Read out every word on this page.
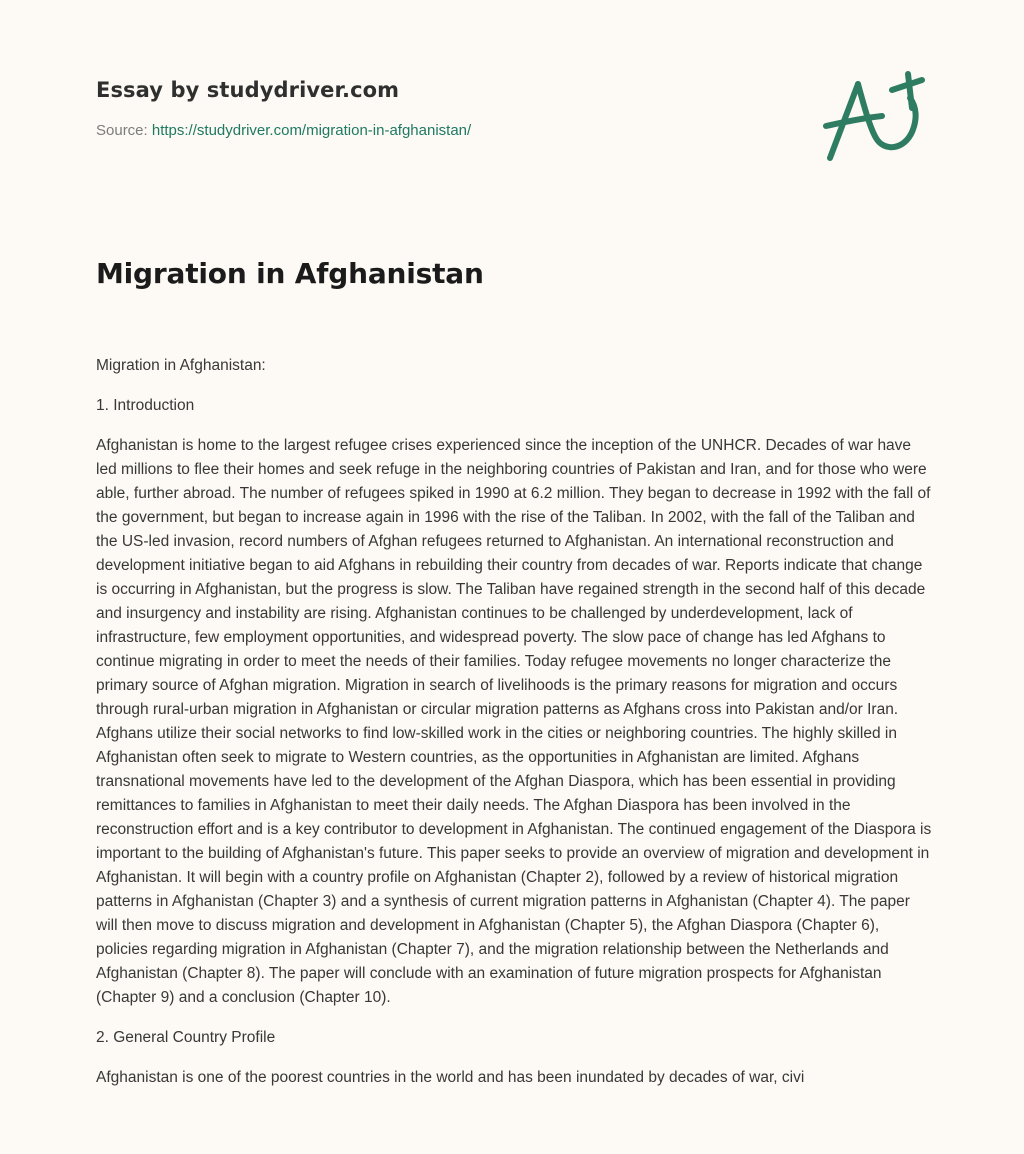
Essay by studydriver.com
Source: https://studydriver.com/migration-in-afghanistan/
Migration in Afghanistan

Migration in Afghanistan:

1. Introduction

Afghanistan is home to the largest refugee crises experienced since the inception of the UNHCR. Decades of war have led millions to flee their homes and seek refuge in the neighboring countries of Pakistan and Iran, and for those who were able, further abroad. The number of refugees spiked in 1990 at 6.2 million. They began to decrease in 1992 with the fall of the government, but began to increase again in 1996 with the rise of the Taliban. In 2002, with the fall of the Taliban and the US-led invasion, record numbers of Afghan refugees returned to Afghanistan. An international reconstruction and development initiative began to aid Afghans in rebuilding their country from decades of war. Reports indicate that change is occurring in Afghanistan, but the progress is slow. The Taliban have regained strength in the second half of this decade and insurgency and instability are rising. Afghanistan continues to be challenged by underdevelopment, lack of infrastructure, few employment opportunities, and widespread poverty. The slow pace of change has led Afghans to continue migrating in order to meet the needs of their families. Today refugee movements no longer characterize the primary source of Afghan migration. Migration in search of livelihoods is the primary reasons for migration and occurs through rural-urban migration in Afghanistan or circular migration patterns as Afghans cross into Pakistan and/or Iran. Afghans utilize their social networks to find low-skilled work in the cities or neighboring countries. The highly skilled in Afghanistan often seek to migrate to Western countries, as the opportunities in Afghanistan are limited. Afghans transnational movements have led to the development of the Afghan Diaspora, which has been essential in providing remittances to families in Afghanistan to meet their daily needs. The Afghan Diaspora has been involved in the reconstruction effort and is a key contributor to development in Afghanistan. The continued engagement of the Diaspora is important to the building of Afghanistan's future. This paper seeks to provide an overview of migration and development in Afghanistan. It will begin with a country profile on Afghanistan (Chapter 2), followed by a review of historical migration patterns in Afghanistan (Chapter 3) and a synthesis of current migration patterns in Afghanistan (Chapter 4). The paper will then move to discuss migration and development in Afghanistan (Chapter 5), the Afghan Diaspora (Chapter 6), policies regarding migration in Afghanistan (Chapter 7), and the migration relationship between the Netherlands and Afghanistan (Chapter 8). The paper will conclude with an examination of future migration prospects for Afghanistan (Chapter 9) and a conclusion (Chapter 10).

2. General Country Profile

Afghanistan is one of the poorest countries in the world and has been inundated by decades of war, civi
